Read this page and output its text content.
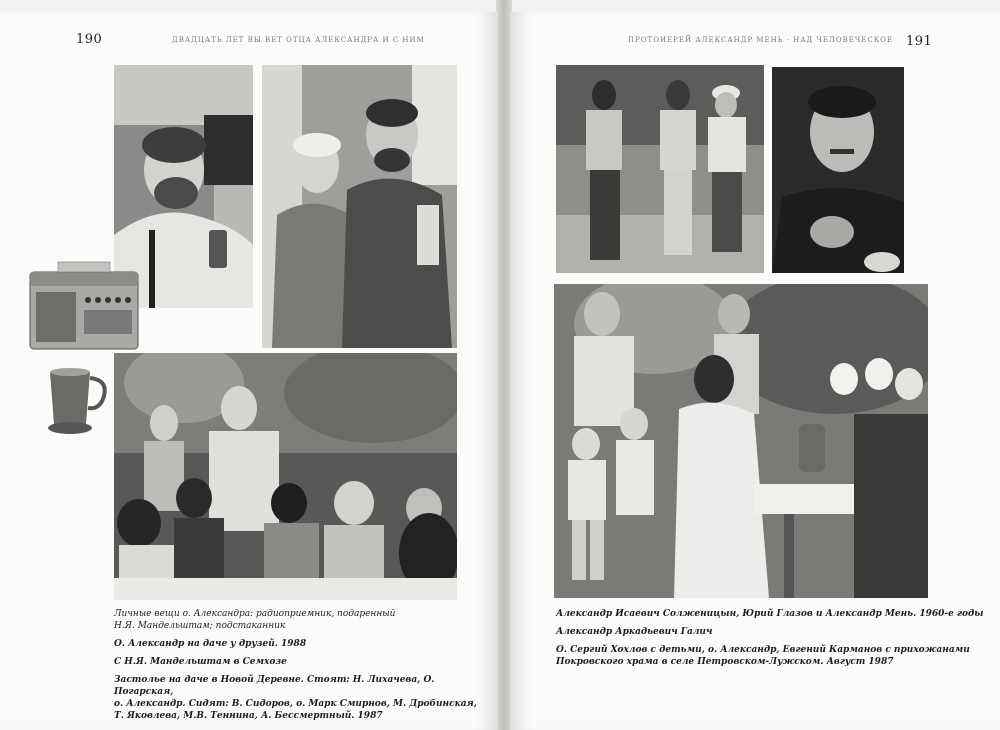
190	ДВАДЦАТЬ ЛЕТ ВЫ ВЕТ ОТЦА АЛЕКСАНДРА И С НИМ
Личные вещи о. Александра: радиоприемник, подаренный
Н.Я. Мандельштам; подстаканник
О. Александр на даче у друзей. 1988
С Н.Я. Мандельштам в Семхозе
Застолье на даче в Новой Деревне. Стоят: Н. Лихачева, О. Погарская,
о. Александр. Сидят: В. Сидоров, о. Марк Смирнов, М. Дробинская,
Т. Яковлева, М.В. Теннина, А. Бессмертный. 1987
ПРОТОИЕРЕЙ АЛЕКСАНДР МЕНЬ · НАД ЧЕЛОВЕЧЕСКОЕ 191
Александр Исаевич Солженицын, Юрий Глазов и Александр Мень. 1960-е годы
Александр Аркадьевич Галич
О. Сергий Хохлов с детьми, о. Александр, Евгений Карманов с прихожанами
Покровского храма в селе Петровском-Лужском. Август 1987
